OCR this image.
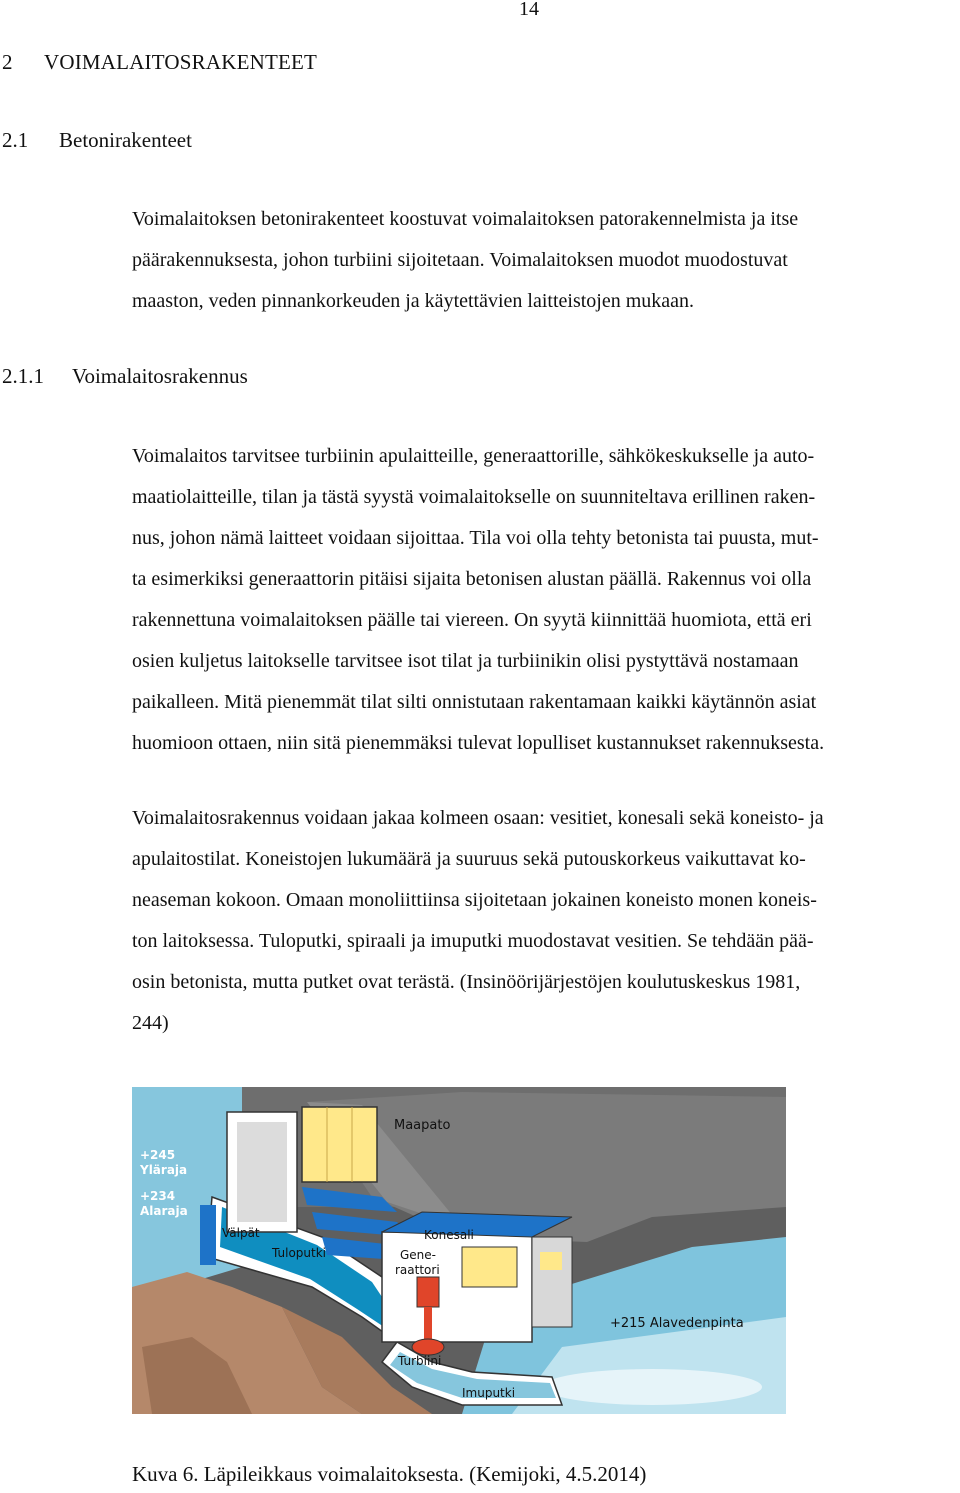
14
2 VOIMALAITOSRAKENTEET
2.1 Betonirakenteet
Voimalaitoksen betonirakenteet koostuvat voimalaitoksen patorakennelmista ja itse
päärakennuksesta, johon turbiini sijoitetaan. Voimalaitoksen muodot muodostuvat
maaston, veden pinnankorkeuden ja käytettävien laitteistojen mukaan.
2.1.1 Voimalaitosrakennus
Voimalaitos tarvitsee turbiinin apulaitteille, generaattorille, sähkökeskukselle ja auto-
maatiolaitteille, tilan ja tästä syystä voimalaitokselle on suunniteltava erillinen raken-
nus, johon nämä laitteet voidaan sijoittaa. Tila voi olla tehty betonista tai puusta, mut-
ta esimerkiksi generaattorin pitäisi sijaita betonisen alustan päällä. Rakennus voi olla
rakennettuna voimalaitoksen päälle tai viereen. On syytä kiinnittää huomiota, että eri
osien kuljetus laitokselle tarvitsee isot tilat ja turbiinikin olisi pystyttävä nostamaan
paikalleen. Mitä pienemmät tilat silti onnistutaan rakentamaan kaikki käytännön asiat
huomioon ottaen, niin sitä pienemmäksi tulevat lopulliset kustannukset rakennuksesta.
Voimalaitosrakennus voidaan jakaa kolmeen osaan: vesitiet, konesali sekä koneisto- ja
apulaitostilat. Koneistojen lukumäärä ja suuruus sekä putouskorkeus vaikuttavat ko-
neaseman kokoon. Omaan monoliittiinsa sijoitetaan jokainen koneisto monen koneis-
ton laitoksessa. Tuloputki, spiraali ja imuputki muodostavat vesitien. Se tehdään pää-
osin betonista, mutta putket ovat terästä. (Insinöörijärjestöjen koulutuskeskus 1981,
244)
Maapato
+245
Yläraja
+234
Alaraja
Välpät
Tuloputki
Konesali
Gene-
raattori
+215 Alavedenpinta
Turbiini
Imuputki
Kuva 6. Läpileikkaus voimalaitoksesta. (Kemijoki, 4.5.2014)
